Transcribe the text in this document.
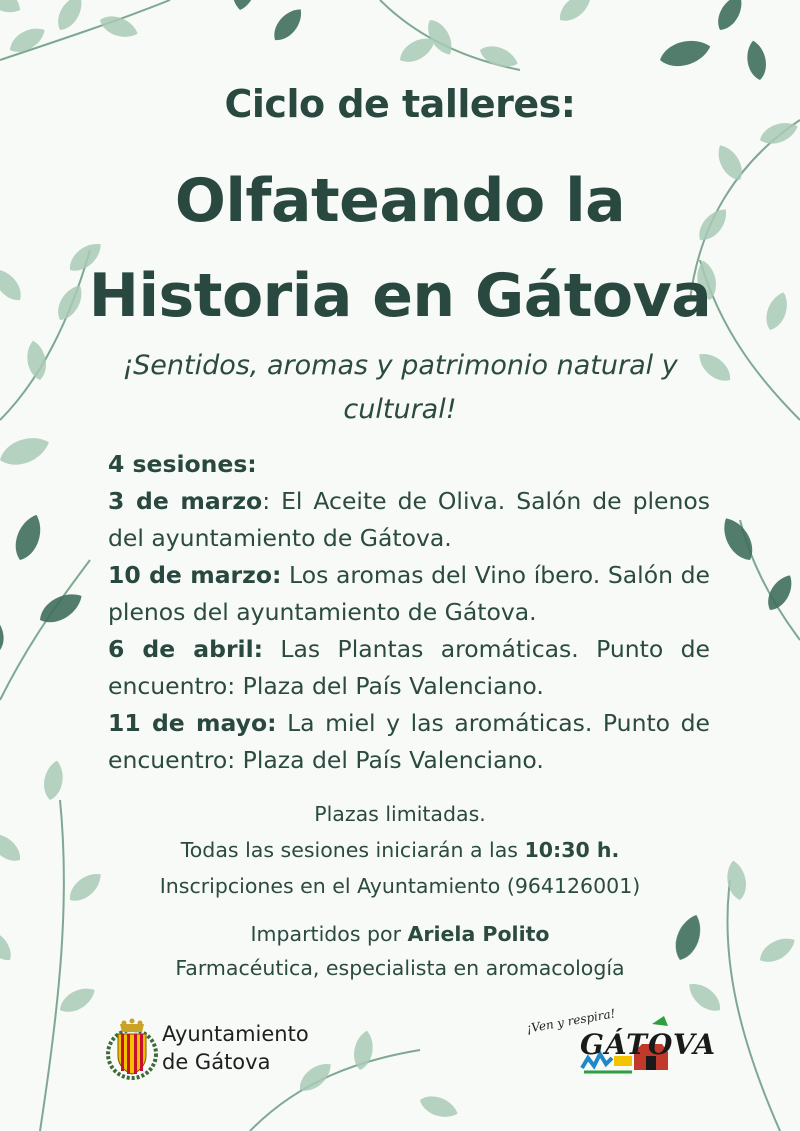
Ciclo de talleres:
Olfateando la
Historia en Gátova
¡Sentidos, aromas y patrimonio natural y
cultural!

4 sesiones:

3 de marzo: El Aceite de Oliva. Salón de plenos del ayuntamiento de Gátova.

10 de marzo: Los aromas del Vino íbero. Salón de plenos del ayuntamiento de Gátova.

6 de abril: Las Plantas aromáticas. Punto de encuentro: Plaza del País Valenciano.

11 de mayo: La miel y las aromáticas. Punto de encuentro: Plaza del País Valenciano.

Plazas limitadas.
Todas las sesiones iniciarán a las 10:30 h.
Inscripciones en el Ayuntamiento (964126001)
Impartidos por Ariela Polito
Farmacéutica, especialista en aromacología
Ayuntamiento
de Gátova
¡Ven y respira!
GÁTOVA
